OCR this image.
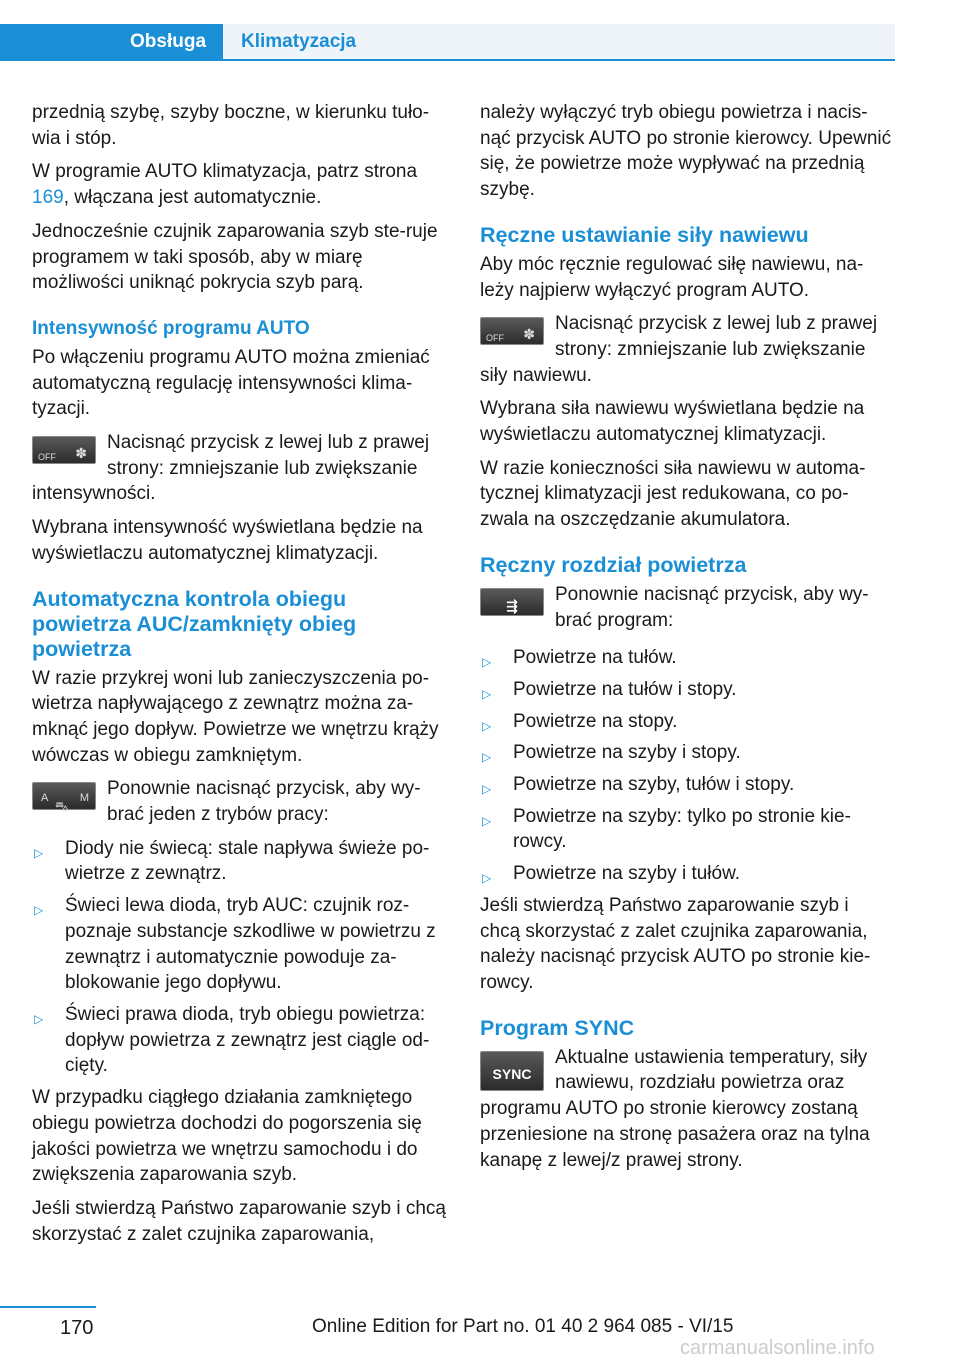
Obsługa Klimatyzacja

przednią szybę, szyby boczne, w kierunku tuło-wia i stóp.

W programie AUTO klimatyzacja, patrz strona 169, włączana jest automatycznie.

Jednocześnie czujnik zaparowania szyb ste-ruje programem w taki sposób, aby w miarę możliwości uniknąć pokrycia szyb parą.

Intensywność programu AUTO

Po włączeniu programu AUTO można zmieniać automatyczną regulację intensywności klima-tyzacji.

OFF ✽ Nacisnąć przycisk z lewej lub z prawej strony: zmniejszanie lub zwiększanie intensywności.

Wybrana intensywność wyświetlana będzie na wyświetlaczu automatycznej klimatyzacji.

Automatyczna kontrola obiegu powietrza AUC/zamknięty obieg powietrza

W razie przykrej woni lub zanieczyszczenia po-wietrza napływającego z zewnątrz można za-mknąć jego dopływ. Powietrze we wnętrzu krąży wówczas w obiegu zamkniętym.

A	M
⛍
Ponownie nacisnąć przycisk, aby wy-brać jeden z trybów pracy:

▷ Diody nie świecą: stale napływa świeże po-wietrze z zewnątrz.
▷ Świeci lewa dioda, tryb AUC: czujnik roz-poznaje substancje szkodliwe w powietrzu z zewnątrz i automatycznie powoduje za-blokowanie jego dopływu.
▷ Świeci prawa dioda, tryb obiegu powietrza: dopływ powietrza z zewnątrz jest ciągle od-cięty.

W przypadku ciągłego działania zamkniętego obiegu powietrza dochodzi do pogorszenia się jakości powietrza we wnętrzu samochodu i do zwiększenia zaparowania szyb.

Jeśli stwierdzą Państwo zaparowanie szyb i chcą skorzystać z zalet czujnika zaparowania,

należy wyłączyć tryb obiegu powietrza i nacis-nąć przycisk AUTO po stronie kierowcy. Upewnić się, że powietrze może wypływać na przednią szybę.

Ręczne ustawianie siły nawiewu

Aby móc ręcznie regulować siłę nawiewu, na-leży najpierw wyłączyć program AUTO.

OFF ✽ Nacisnąć przycisk z lewej lub z prawej strony: zmniejszanie lub zwiększanie siły nawiewu.

Wybrana siła nawiewu wyświetlana będzie na wyświetlaczu automatycznej klimatyzacji.

W razie konieczności siła nawiewu w automa-tycznej klimatyzacji jest redukowana, co po-zwala na oszczędzanie akumulatora.

Ręczny rozdział powietrza

⇶
Ponownie nacisnąć przycisk, aby wy-brać program:

▷ Powietrze na tułów.
▷ Powietrze na tułów i stopy.
▷ Powietrze na stopy.
▷ Powietrze na szyby i stopy.
▷ Powietrze na szyby, tułów i stopy.
▷ Powietrze na szyby: tylko po stronie kie-rowcy.
▷ Powietrze na szyby i tułów.

Jeśli stwierdzą Państwo zaparowanie szyb i chcą skorzystać z zalet czujnika zaparowania, należy nacisnąć przycisk AUTO po stronie kie-rowcy.

Program SYNC

SYNC
Aktualne ustawienia temperatury, siły nawiewu, rozdziału powietrza oraz programu AUTO po stronie kierowcy zostaną przeniesione na stronę pasażera oraz na tylna kanapę z lewej/z prawej strony.

170	Online Edition for Part no. 01 40 2 964 085 - VI/15
carmanualsonline.info
